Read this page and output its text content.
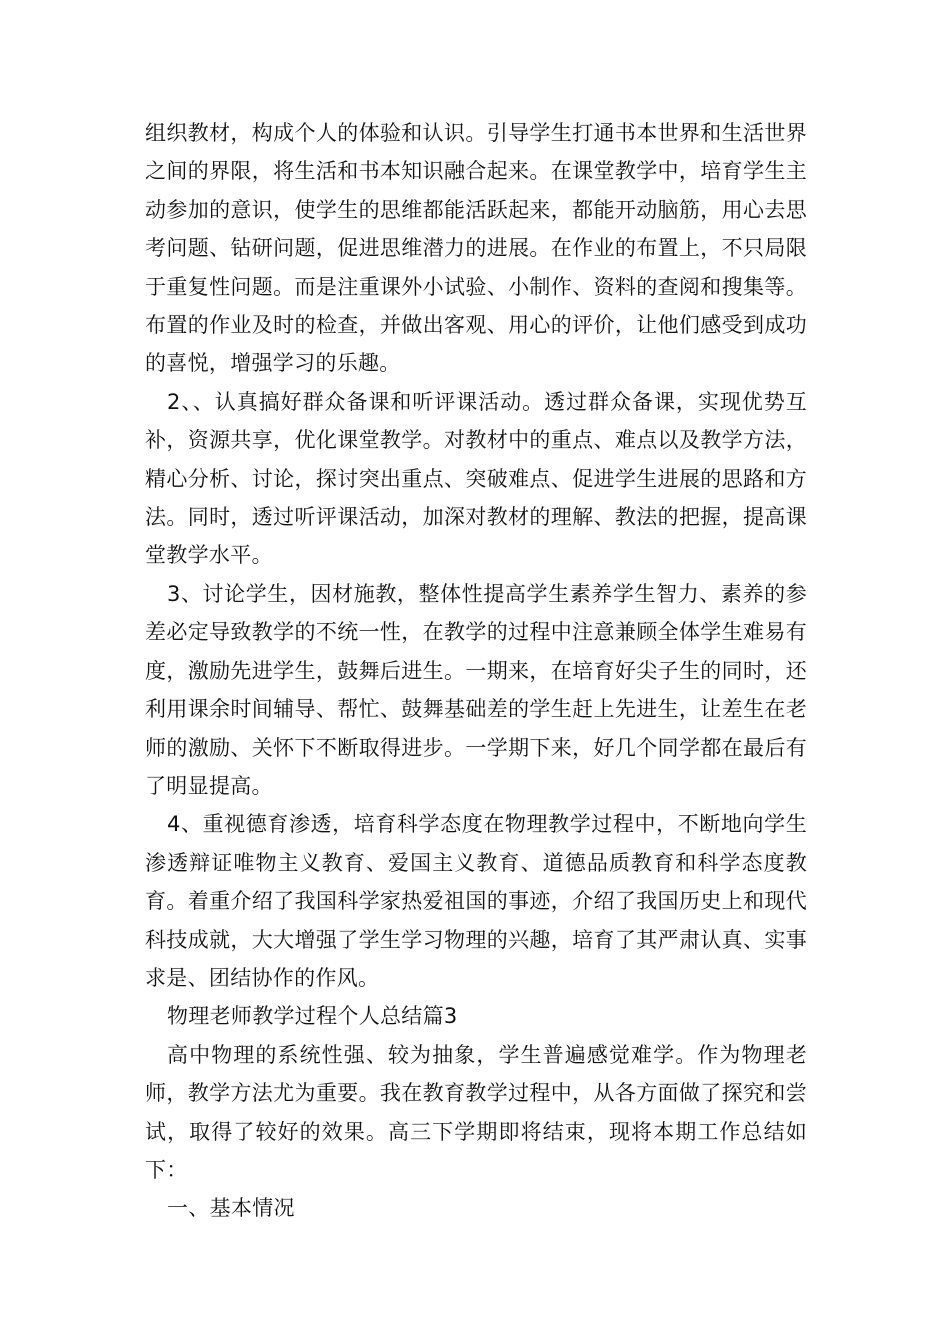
组织教材，构成个人的体验和认识。引导学生打通书本世界和生活世界之间的界限，将生活和书本知识融合起来。在课堂教学中，培育学生主动参加的意识，使学生的思维都能活跃起来，都能开动脑筋，用心去思考问题、钻研问题，促进思维潜力的进展。在作业的布置上，不只局限于重复性问题。而是注重课外小试验、小制作、资料的查阅和搜集等。布置的作业及时的检查，并做出客观、用心的评价，让他们感受到成功的喜悦，增强学习的乐趣。

2、、认真搞好群众备课和听评课活动。透过群众备课，实现优势互补，资源共享，优化课堂教学。对教材中的重点、难点以及教学方法，精心分析、讨论，探讨突出重点、突破难点、促进学生进展的思路和方法。同时，透过听评课活动，加深对教材的理解、教法的把握，提高课堂教学水平。

3、讨论学生，因材施教，整体性提高学生素养学生智力、素养的参差必定导致教学的不统一性，在教学的过程中注意兼顾全体学生难易有度，激励先进学生，鼓舞后进生。一期来，在培育好尖子生的同时，还利用课余时间辅导、帮忙、鼓舞基础差的学生赶上先进生，让差生在老师的激励、关怀下不断取得进步。一学期下来，好几个同学都在最后有了明显提高。

4、重视德育渗透，培育科学态度在物理教学过程中，不断地向学生渗透辩证唯物主义教育、爱国主义教育、道德品质教育和科学态度教育。着重介绍了我国科学家热爱祖国的事迹，介绍了我国历史上和现代科技成就，大大增强了学生学习物理的兴趣，培育了其严肃认真、实事求是、团结协作的作风。

物理老师教学过程个人总结篇3

高中物理的系统性强、较为抽象，学生普遍感觉难学。作为物理老师，教学方法尤为重要。我在教育教学过程中，从各方面做了探究和尝试，取得了较好的效果。高三下学期即将结束，现将本期工作总结如下：

一、基本情况
